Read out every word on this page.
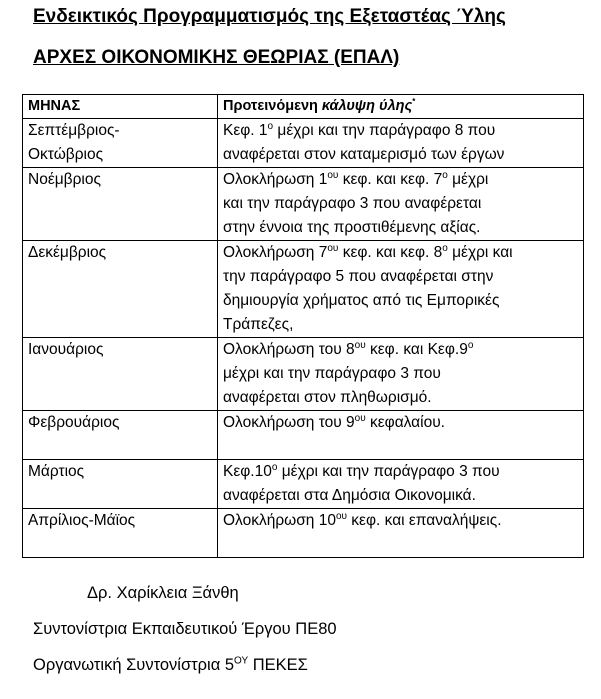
Ενδεικτικός Προγραμματισμός της Εξεταστέας Ύλης
ΑΡΧΕΣ ΟΙΚΟΝΟΜΙΚΗΣ ΘΕΩΡΙΑΣ (ΕΠΑΛ)
ΜΗΝΑΣ	Προτεινόμενη κάλυψη ύλης*

Σεπτέμβριος-
Οκτώβριος	Κεφ. $1^o$ μέχρι και την παράγραφο 8 που
αναφέρεται στον καταμερισμό των έργων

Νοέμβριος	Ολοκλήρωση $1^{o\upsilon}$ κεφ. και κεφ. $7^o$ μέχρι
και την παράγραφο 3 που αναφέρεται
στην έννοια της προστιθέμενης αξίας.

Δεκέμβριος	Ολοκλήρωση $7^{o\upsilon}$ κεφ. και κεφ. $8^o$ μέχρι και
την παράγραφο 5 που αναφέρεται στην
δημιουργία χρήματος από τις Εμπορικές
Τράπεζες,

Ιανουάριος	Ολοκλήρωση του $8^{o\upsilon}$ κεφ. και $K\varepsilon\varphi.9^o$
μέχρι και την παράγραφο 3 που
αναφέρεται στον πληθωρισμό.

Φεβρουάριος	Ολοκλήρωση του $9^{o\upsilon}$ κεφαλαίου.

Μάρτιος	$K\varepsilon\varphi.10^o$ μέχρι και την παράγραφο 3 που
αναφέρεται στα Δημόσια Οικονομικά.

Απρίλιος-Μάϊος	Ολοκλήρωση $10^{o\upsilon}$ κεφ. και επαναλήψεις.

Δρ. Χαρίκλεια Ξάνθη

Συντονίστρια Εκπαιδευτικού Έργου ΠΕ80

Οργανωτική Συντονίστρια $5^{O\Upsilon}$ ΠΕΚΕΣ
